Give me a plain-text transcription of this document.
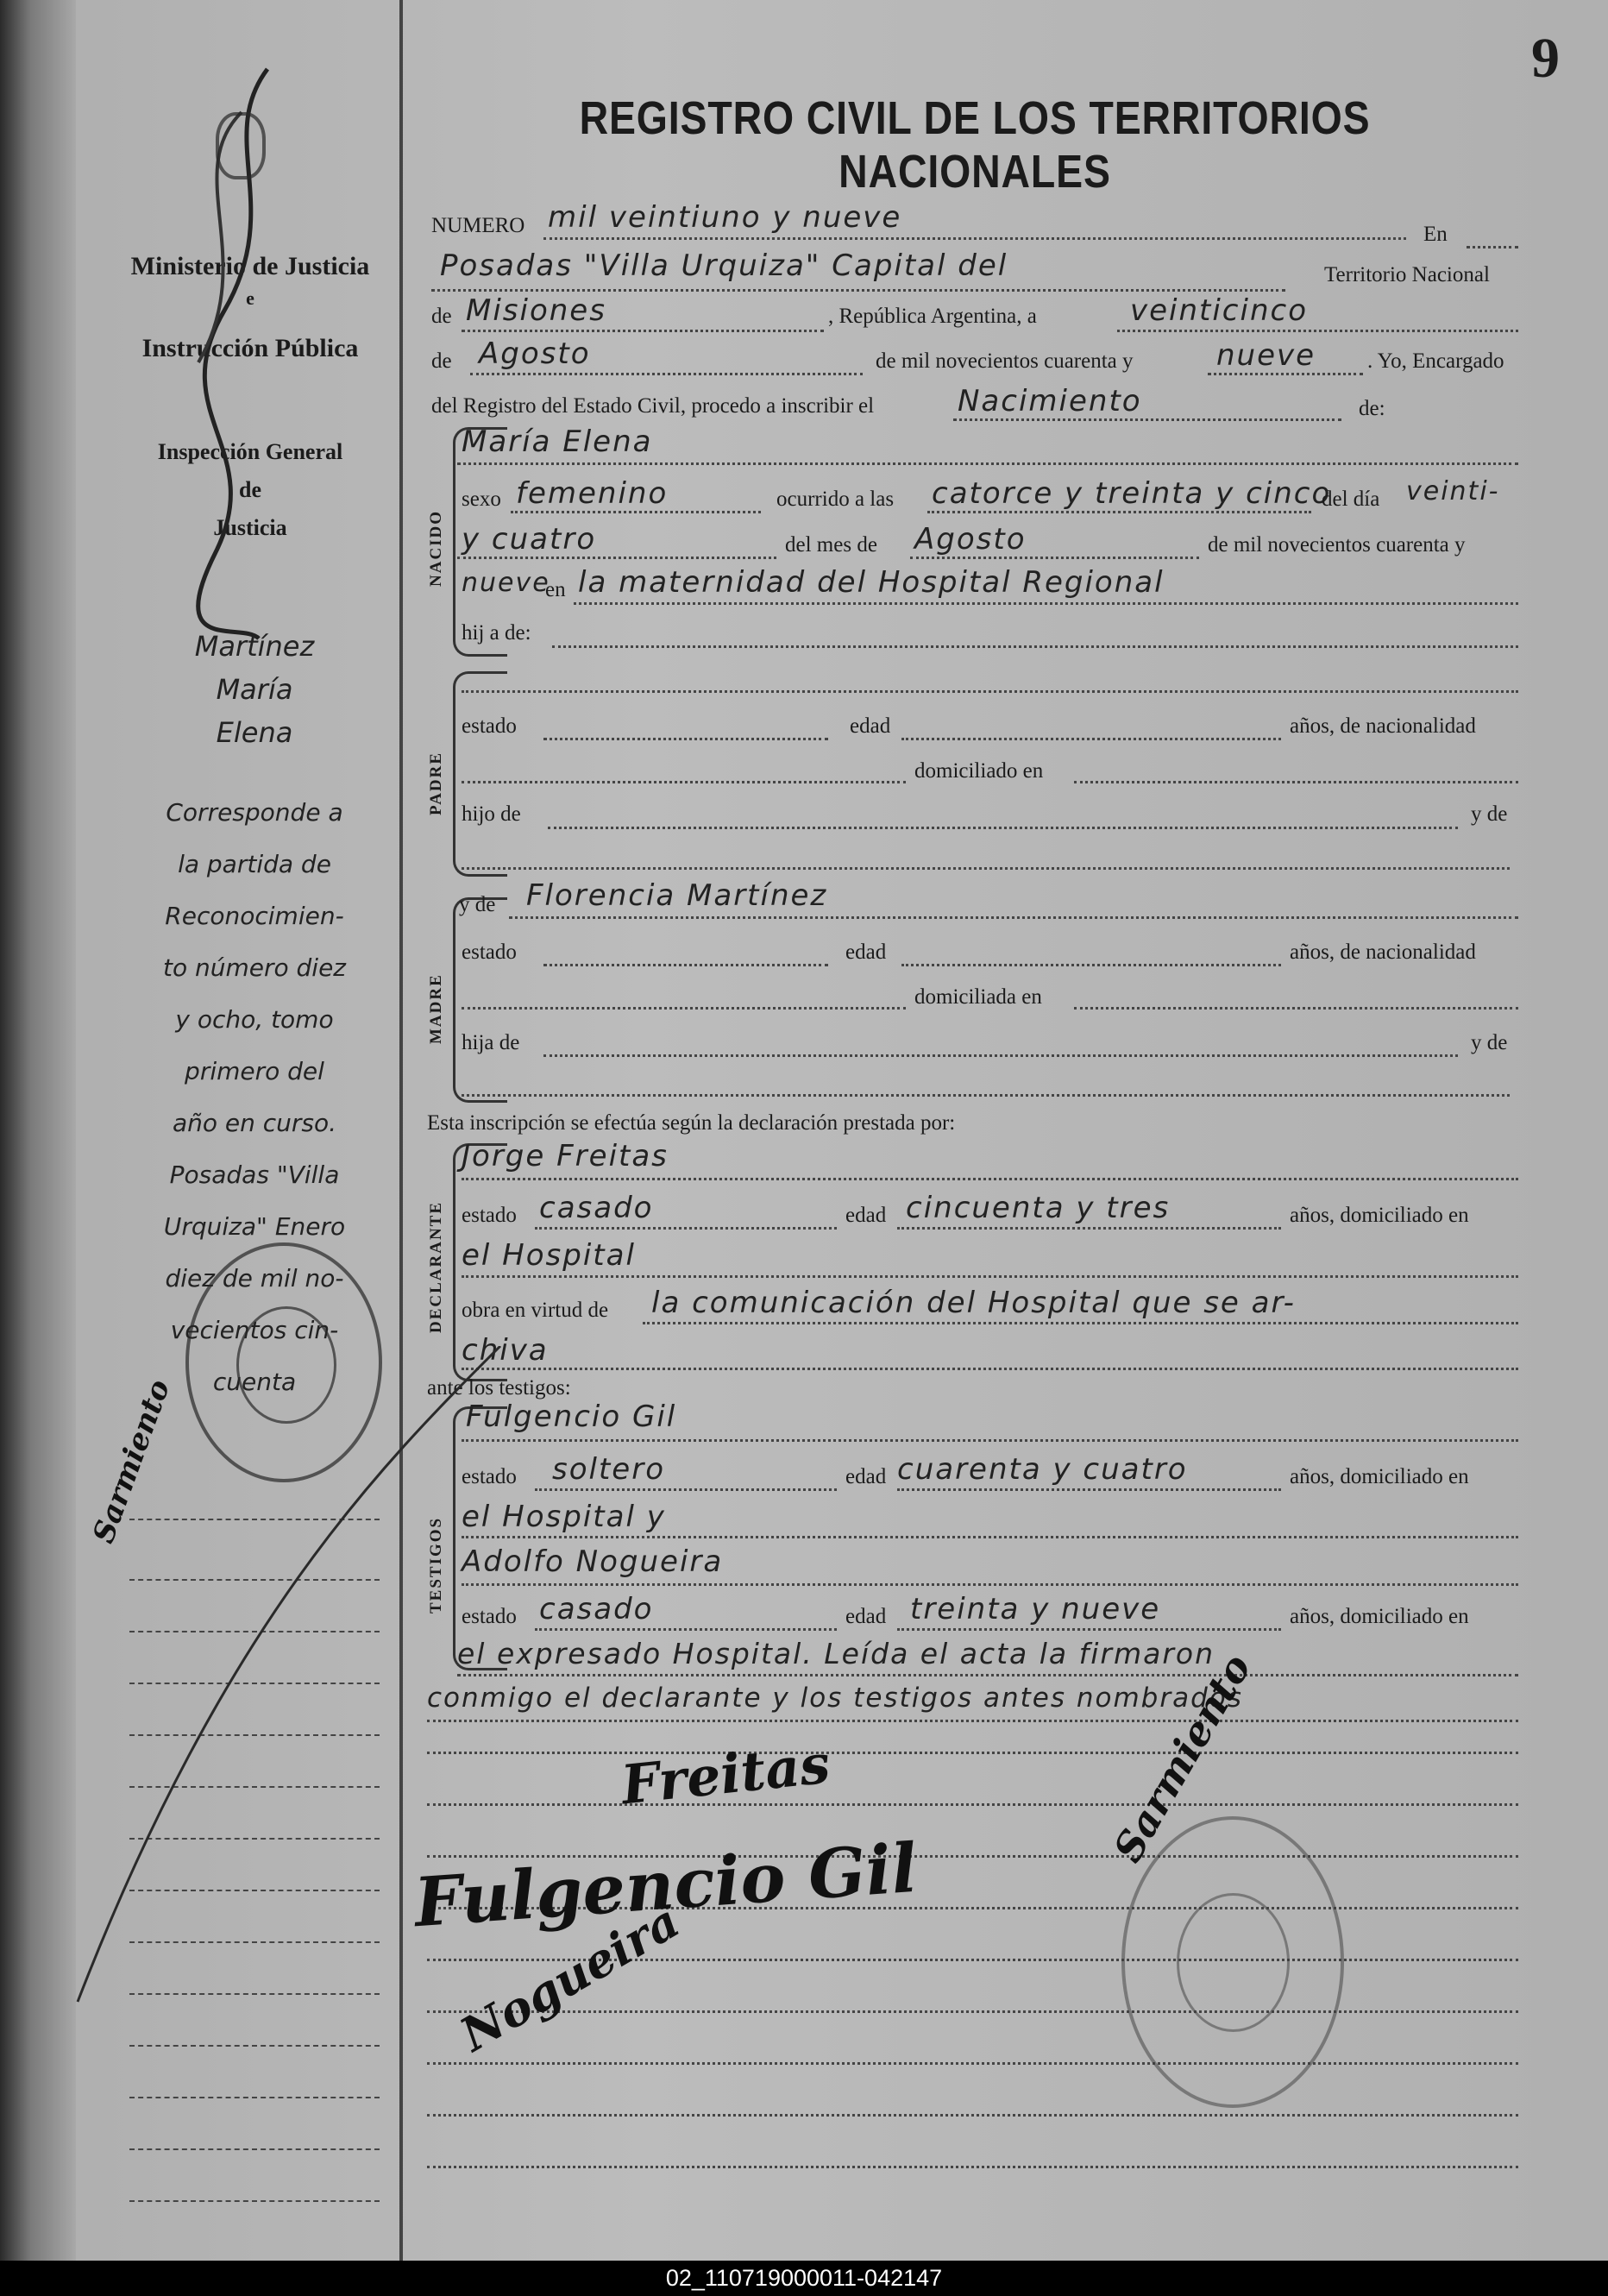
9
REGISTRO CIVIL DE LOS TERRITORIOS NACIONALES
Ministerio de Justicia
e
Instrucción Pública
Inspección General
de
Justicia
Martínez
María
Elena
Corresponde a
la partida de
Reconocimien-
to número diez
y ocho, tomo
primero del
año en curso.
Posadas "Villa
Urquiza" Enero
diez de mil no-
vecientos cin-
cuenta
Sarmiento
NUMERO mil veintiuno y nueve	En
Posadas "Villa Urquiza" Capital del	Territorio Nacional
de Misiones	, República Argentina, a	veinticinco
de Agosto	de mil novecientos cuarenta y	nueve . Yo, Encargado
del Registro del Estado Civil, procedo a inscribir el	Nacimiento	de:
NACIDO
María Elena
sexo femenino	ocurrido a las catorce y treinta y cinco
del día veinti-
y cuatro	del mes de Agosto	de mil novecientos cuarenta y
nueve
en la maternidad del Hospital Regional
hij a de:
PADRE
estado	edad	años, de nacionalidad
domiciliado en
hijo de	y de
MADRE
y de Florencia Martínez
estado	edad	años, de nacionalidad
domiciliada en
hija de	y de
Esta inscripción se efectúa según la declaración prestada por:
DECLARANTE
Jorge Freitas
estado casado	edad cincuenta y tres	años, domiciliado en
el Hospital
obra en virtud de la comunicación del Hospital que se ar-
chiva
ante los testigos:
TESTIGOS
Fulgencio Gil
estado soltero	edad cuarenta y cuatro	años, domiciliado en
el Hospital y
Adolfo Nogueira
estado casado	edad treinta y nueve	años, domiciliado en
el expresado Hospital. Leída el acta la firmaron
conmigo el declarante y los testigos antes nombrados
Freitas
Fulgencio Gil
Nogueira
Sarmiento
02_110719000011-042147
